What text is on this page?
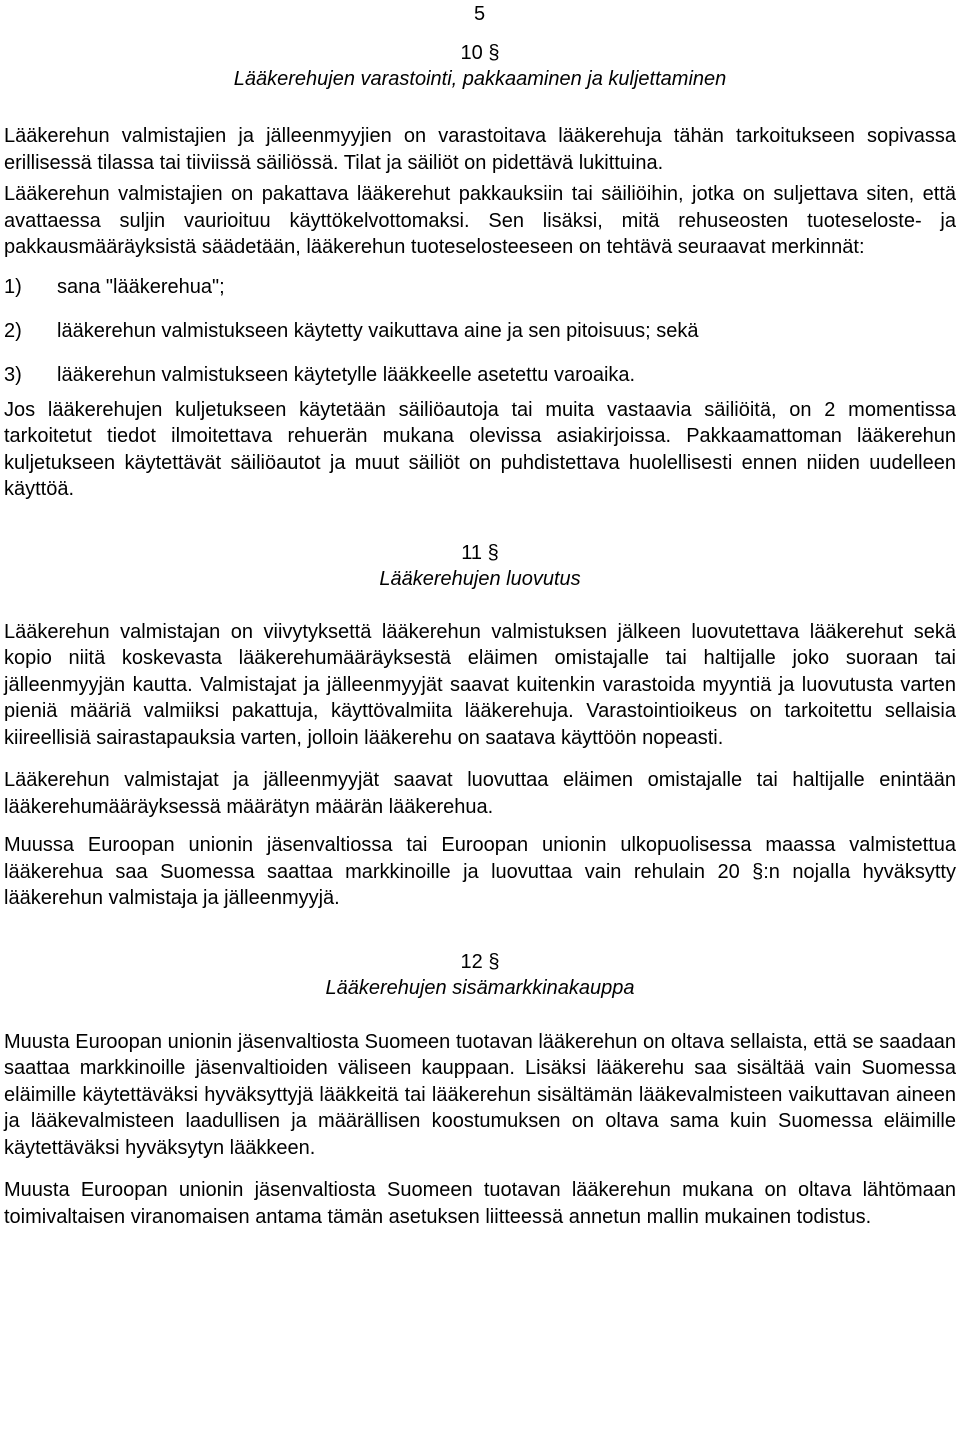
5
10 §
Lääkerehujen varastointi, pakkaaminen ja kuljettaminen

Lääkerehun valmistajien ja jälleenmyyjien on varastoitava lääkerehuja tähän tarkoitukseen sopivassa erillisessä tilassa tai tiiviissä säiliössä. Tilat ja säiliöt on pidettävä lukittuina.

Lääkerehun valmistajien on pakattava lääkerehut pakkauksiin tai säiliöihin, jotka on suljettava siten, että avattaessa suljin vaurioituu käyttökelvottomaksi. Sen lisäksi, mitä rehuseosten tuoteseloste- ja pakkausmääräyksistä säädetään, lääkerehun tuoteselosteeseen on tehtävä seuraavat merkinnät:

1)	sana "lääkerehua";
2)	lääkerehun valmistukseen käytetty vaikuttava aine ja sen pitoisuus; sekä
3)	lääkerehun valmistukseen käytetylle lääkkeelle asetettu varoaika.

Jos lääkerehujen kuljetukseen käytetään säiliöautoja tai muita vastaavia säiliöitä, on 2 momentissa tarkoitetut tiedot ilmoitettava rehuerän mukana olevissa asiakirjoissa. Pakkaamattoman lääkerehun kuljetukseen käytettävät säiliöautot ja muut säiliöt on puhdistettava huolellisesti ennen niiden uudelleen käyttöä.

11 §
Lääkerehujen luovutus

Lääkerehun valmistajan on viivytyksettä lääkerehun valmistuksen jälkeen luovutettava lääkerehut sekä kopio niitä koskevasta lääkerehumääräyksestä eläimen omistajalle tai haltijalle joko suoraan tai jälleenmyyjän kautta. Valmistajat ja jälleenmyyjät saavat kuitenkin varastoida myyntiä ja luovutusta varten pieniä määriä valmiiksi pakattuja, käyttövalmiita lääkerehuja. Varastointioikeus on tarkoitettu sellaisia kiireellisiä sairastapauksia varten, jolloin lääkerehu on saatava käyttöön nopeasti.

Lääkerehun valmistajat ja jälleenmyyjät saavat luovuttaa eläimen omistajalle tai haltijalle enintään lääkerehumääräyksessä määrätyn määrän lääkerehua.

Muussa Euroopan unionin jäsenvaltiossa tai Euroopan unionin ulkopuolisessa maassa valmistettua lääkerehua saa Suomessa saattaa markkinoille ja luovuttaa vain rehulain 20 §:n nojalla hyväksytty lääkerehun valmistaja ja jälleenmyyjä.

12 §
Lääkerehujen sisämarkkinakauppa

Muusta Euroopan unionin jäsenvaltiosta Suomeen tuotavan lääkerehun on oltava sellaista, että se saadaan saattaa markkinoille jäsenvaltioiden väliseen kauppaan. Lisäksi lääkerehu saa sisältää vain Suomessa eläimille käytettäväksi hyväksyttyjä lääkkeitä tai lääkerehun sisältämän lääkevalmisteen vaikuttavan aineen ja lääkevalmisteen laadullisen ja määrällisen koostumuksen on oltava sama kuin Suomessa eläimille käytettäväksi hyväksytyn lääkkeen.

Muusta Euroopan unionin jäsenvaltiosta Suomeen tuotavan lääkerehun mukana on oltava lähtömaan toimivaltaisen viranomaisen antama tämän asetuksen liitteessä annetun mallin mukainen todistus.
